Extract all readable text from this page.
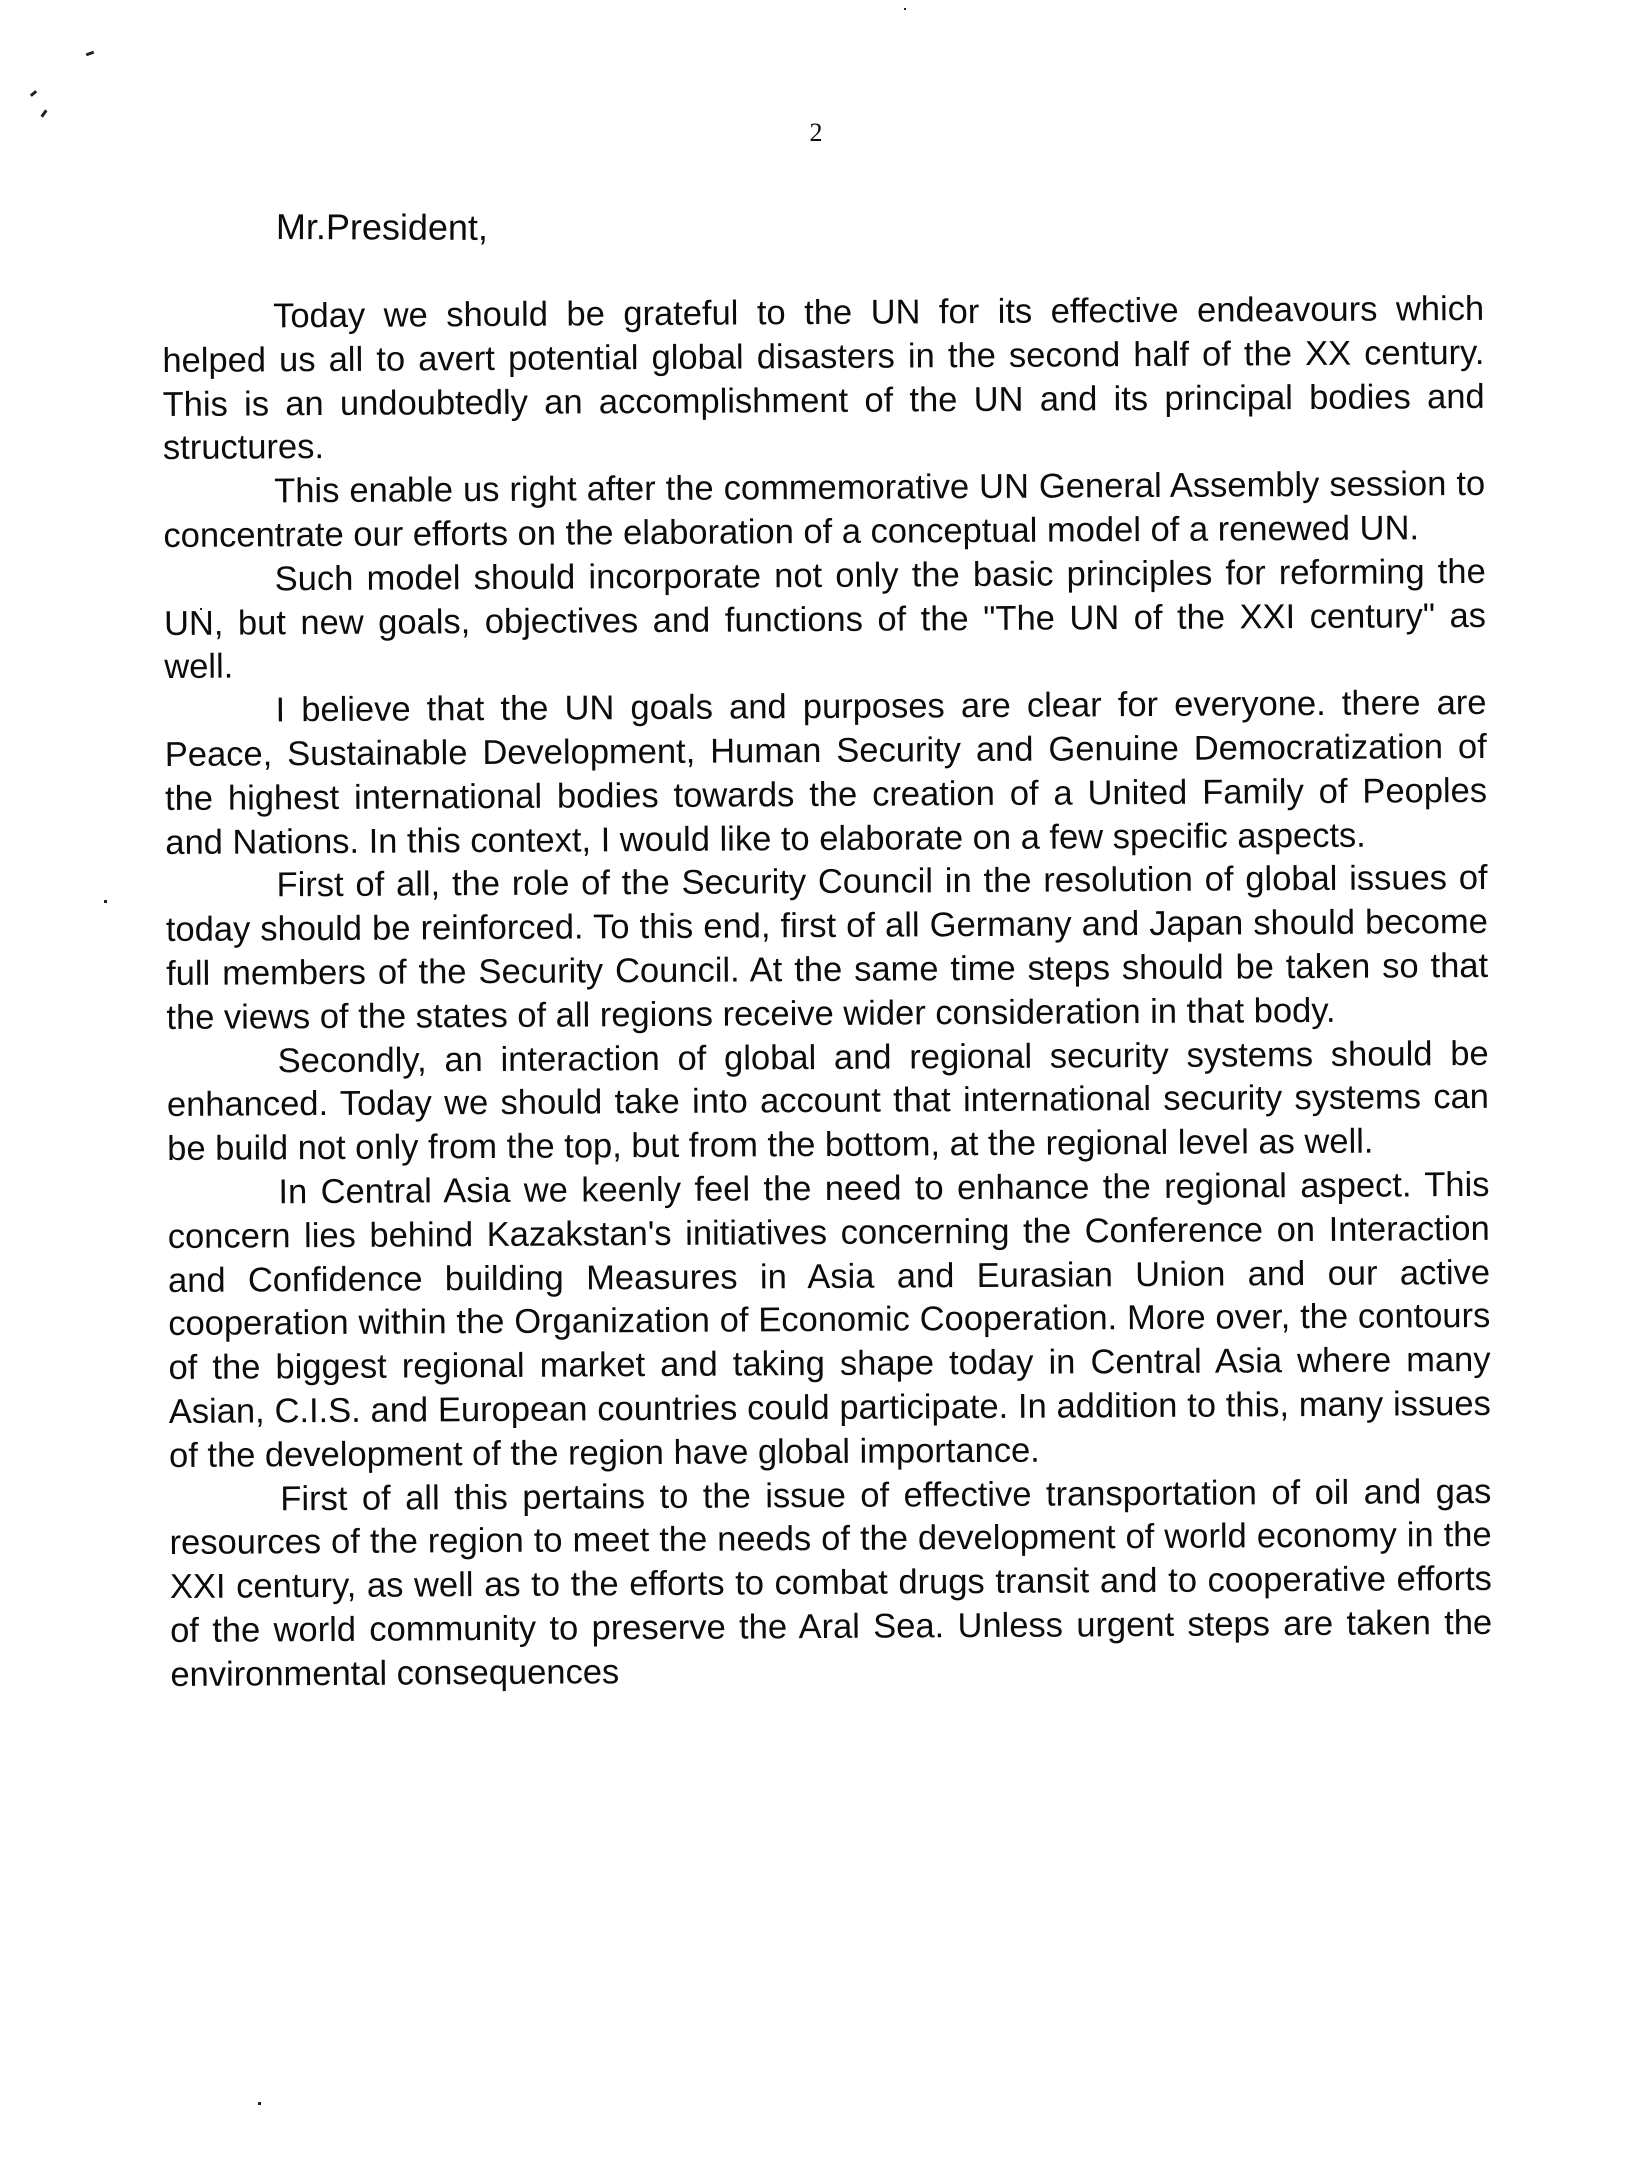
2

Mr.President,

Today we should be grateful to the UN for its effective endeavours which helped us all to avert potential global disasters in the second half of the XX century. This is an undoubtedly an accomplishment of the UN and its principal bodies and structures.

This enable us right after the commemorative UN General Assembly session to concentrate our efforts on the elaboration of a conceptual model of a renewed UN.

Such model should incorporate not only the basic principles for reforming the UN, but new goals, objectives and functions of the "The UN of the XXI century" as well.

I believe that the UN goals and purposes are clear for everyone. there are Peace, Sustainable Development, Human Security and Genuine Democratization of the highest international bodies towards the creation of a United Family of Peoples and Nations. In this context, I would like to elaborate on a few specific aspects.

First of all, the role of the Security Council in the resolution of global issues of today should be reinforced. To this end, first of all Germany and Japan should become full members of the Security Council. At the same time steps should be taken so that the views of the states of all regions receive wider consideration in that body.

Secondly, an interaction of global and regional security systems should be enhanced. Today we should take into account that international security systems can be build not only from the top, but from the bottom, at the regional level as well.

In Central Asia we keenly feel the need to enhance the regional aspect. This concern lies behind Kazakstan's initiatives concerning the Conference on Interaction and Confidence building Measures in Asia and Eurasian Union and our active cooperation within the Organization of Economic Cooperation. More over, the contours of the biggest regional market and taking shape today in Central Asia where many Asian, C.I.S. and European countries could participate. In addition to this, many issues of the development of the region have global importance.

First of all this pertains to the issue of effective transportation of oil and gas resources of the region to meet the needs of the development of world economy in the XXI century, as well as to the efforts to combat drugs transit and to cooperative efforts of the world community to preserve the Aral Sea. Unless urgent steps are taken the environmental consequences
